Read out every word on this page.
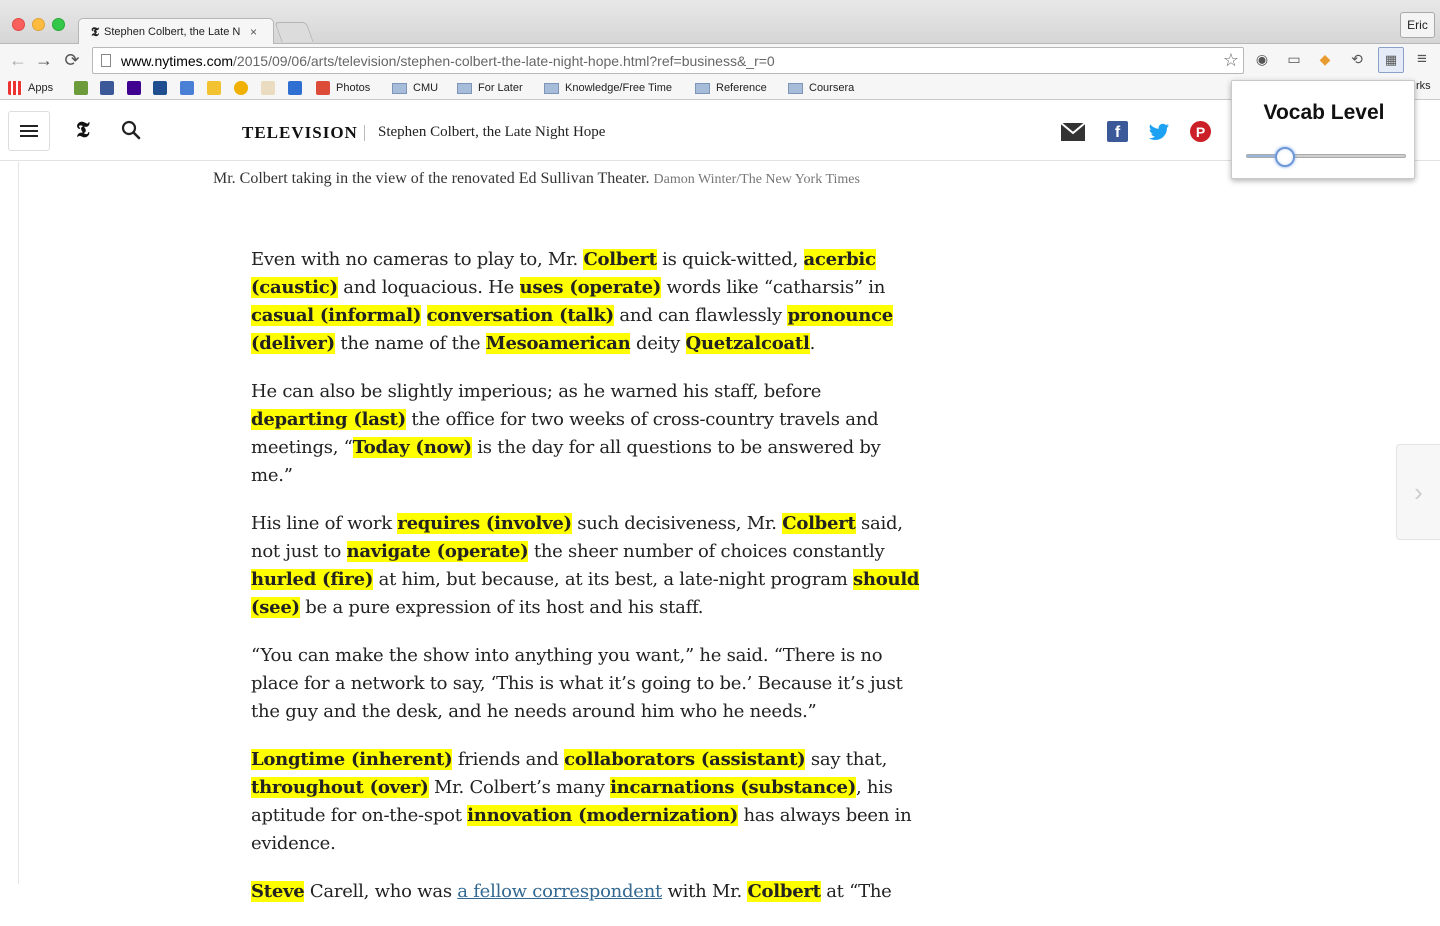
𝕿 Stephen Colbert, the Late N ×	Eric
← → ⟳	www.nytimes.com /2015/09/06/arts/television/stephen-colbert-the-late-night-hope.html?ref=business&_r=0	☆	◉	▭	◆	⟲	▦	≡
Apps	Photos	CMU	For Later	Knowledge/Free Time	Reference	Coursera	rks
𝕿	TELEVISION Stephen Colbert, the Late Night Hope	f	P
Mr. Colbert taking in the view of the renovated Ed Sullivan Theater. Damon Winter/The New York Times

Even with no cameras to play to, Mr. Colbert is quick-witted, acerbic (caustic) and loquacious. He uses (operate) words like “catharsis” in casual (informal) conversation (talk) and can flawlessly pronounce (deliver) the name of the Mesoamerican deity Quetzalcoatl.

He can also be slightly imperious; as he warned his staff, before departing (last) the office for two weeks of cross-country travels and meetings, “Today (now) is the day for all questions to be answered by me.”

His line of work requires (involve) such decisiveness, Mr. Colbert said, not just to navigate (operate) the sheer number of choices constantly hurled (fire) at him, but because, at its best, a late-night program should (see) be a pure expression of its host and his staff.

“You can make the show into anything you want,” he said. “There is no place for a network to say, ‘This is what it’s going to be.’ Because it’s just the guy and the desk, and he needs around him who he needs.”

Longtime (inherent) friends and collaborators (assistant) say that, throughout (over) Mr. Colbert’s many incarnations (substance), his aptitude for on-the-spot innovation (modernization) has always been in evidence.

Steve Carell, who was a fellow correspondent with Mr. Colbert at “The

›
Vocab Level
